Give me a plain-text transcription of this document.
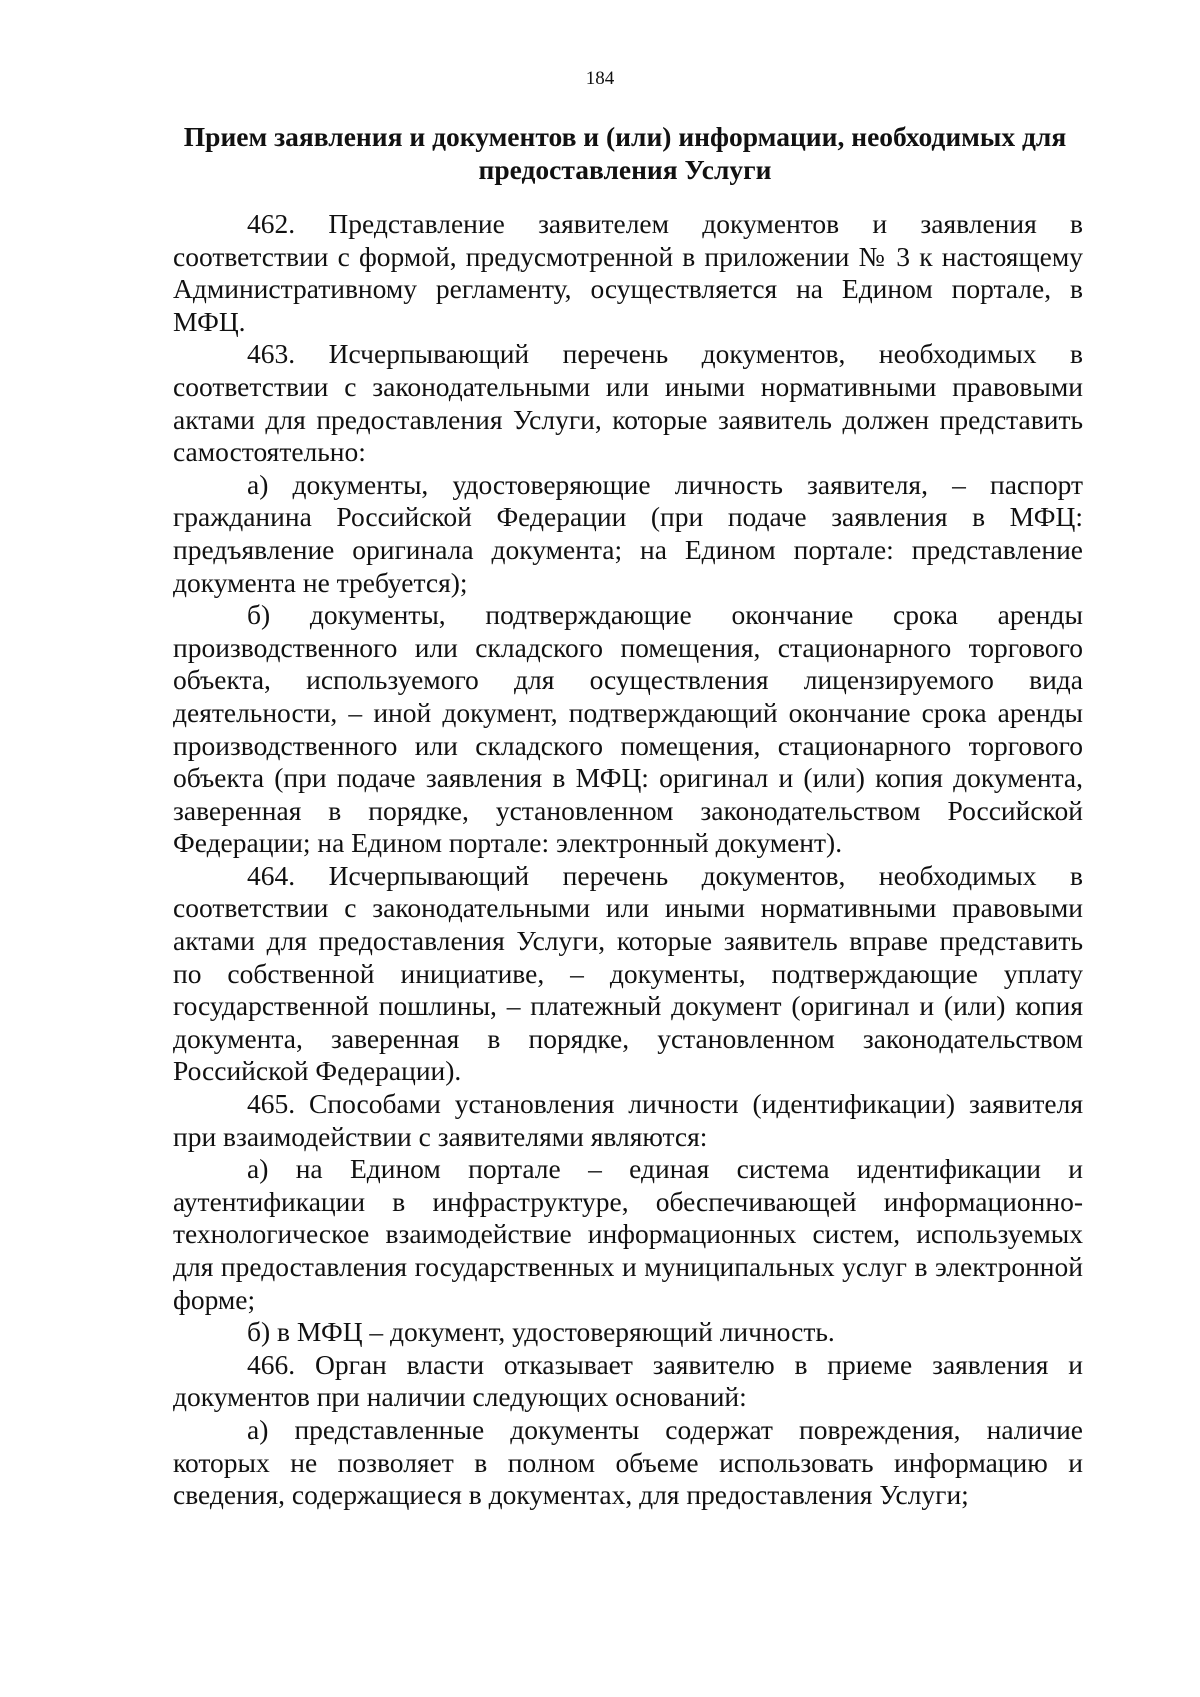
184
Прием заявления и документов и (или) информации, необходимых для
предоставления Услуги

462. Представление заявителем документов и заявления в соответствии с формой, предусмотренной в приложении № 3 к настоящему Административному регламенту, осуществляется на Едином портале, в МФЦ.

463. Исчерпывающий перечень документов, необходимых в соответствии с законодательными или иными нормативными правовыми актами для предоставления Услуги, которые заявитель должен представить самостоятельно:

а) документы, удостоверяющие личность заявителя, – паспорт гражданина Российской Федерации (при подаче заявления в МФЦ: предъявление оригинала документа; на Едином портале: представление документа не требуется);

б) документы, подтверждающие окончание срока аренды производственного или складского помещения, стационарного торгового объекта, используемого для осуществления лицензируемого вида деятельности, – иной документ, подтверждающий окончание срока аренды производственного или складского помещения, стационарного торгового объекта (при подаче заявления в МФЦ: оригинал и (или) копия документа, заверенная в порядке, установленном законодательством Российской Федерации; на Едином портале: электронный документ).

464. Исчерпывающий перечень документов, необходимых в соответствии с законодательными или иными нормативными правовыми актами для предоставления Услуги, которые заявитель вправе представить по собственной инициативе, – документы, подтверждающие уплату государственной пошлины, – платежный документ (оригинал и (или) копия документа, заверенная в порядке, установленном законодательством Российской Федерации).

465. Способами установления личности (идентификации) заявителя при взаимодействии с заявителями являются:

а) на Едином портале – единая система идентификации и аутентификации в инфраструктуре, обеспечивающей информационно-технологическое взаимодействие информационных систем, используемых для предоставления государственных и муниципальных услуг в электронной форме;

б) в МФЦ – документ, удостоверяющий личность.

466. Орган власти отказывает заявителю в приеме заявления и документов при наличии следующих оснований:

а) представленные документы содержат повреждения, наличие которых не позволяет в полном объеме использовать информацию и сведения, содержащиеся в документах, для предоставления Услуги;
